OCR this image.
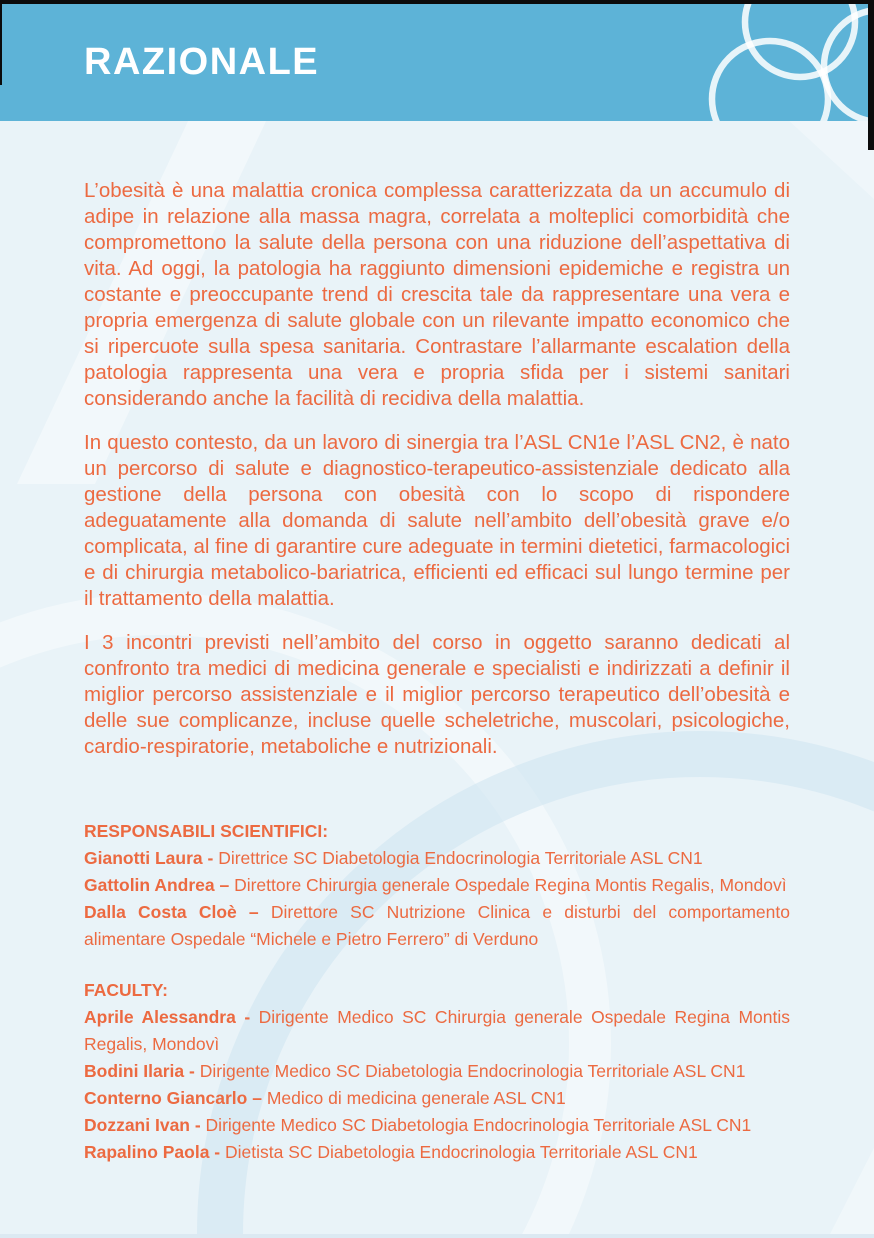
RAZIONALE

L’obesità è una malattia cronica complessa caratterizzata da un accumulo di adipe in relazione alla massa magra, correlata a molteplici comorbidità che compromettono la salute della persona con una riduzione dell’aspettativa di vita. Ad oggi, la patologia ha raggiunto dimensioni epidemiche e registra un costante e preoccupante trend di crescita tale da rappresentare una vera e propria emergenza di salute globale con un rilevante impatto economico che si ripercuote sulla spesa sanitaria. Contrastare l’allarmante escalation della patologia rappresenta una vera e propria sfida per i sistemi sanitari considerando anche la facilità di recidiva della malattia.

In questo contesto, da un lavoro di sinergia tra l’ASL CN1e l’ASL CN2, è nato un percorso di salute e diagnostico-terapeutico-assistenziale dedicato alla gestione della persona con obesità con lo scopo di rispondere adeguatamente alla domanda di salute nell’ambito dell’obesità grave e/o complicata, al fine di garantire cure adeguate in termini dietetici, farmacologici e di chirurgia metabolico-bariatrica, efficienti ed efficaci sul lungo termine per il trattamento della malattia.

I 3 incontri previsti nell’ambito del corso in oggetto saranno dedicati al confronto tra medici di medicina generale e specialisti e indirizzati a definir il miglior percorso assistenziale e il miglior percorso terapeutico dell’obesità e delle sue complicanze, incluse quelle scheletriche, muscolari, psicologiche, cardio-respiratorie, metaboliche e nutrizionali.

RESPONSABILI SCIENTIFICI:

Gianotti Laura - Direttrice SC Diabetologia Endocrinologia Territoriale ASL CN1

Gattolin Andrea – Direttore Chirurgia generale Ospedale Regina Montis Regalis, Mondovì

Dalla Costa Cloè – Direttore SC Nutrizione Clinica e disturbi del comportamento alimentare Ospedale “Michele e Pietro Ferrero” di Verduno

FACULTY:

Aprile Alessandra - Dirigente Medico SC Chirurgia generale Ospedale Regina Montis Regalis, Mondovì

Bodini Ilaria - Dirigente Medico SC Diabetologia Endocrinologia Territoriale ASL CN1

Conterno Giancarlo – Medico di medicina generale ASL CN1

Dozzani Ivan - Dirigente Medico SC Diabetologia Endocrinologia Territoriale ASL CN1

Rapalino Paola - Dietista SC Diabetologia Endocrinologia Territoriale ASL CN1
